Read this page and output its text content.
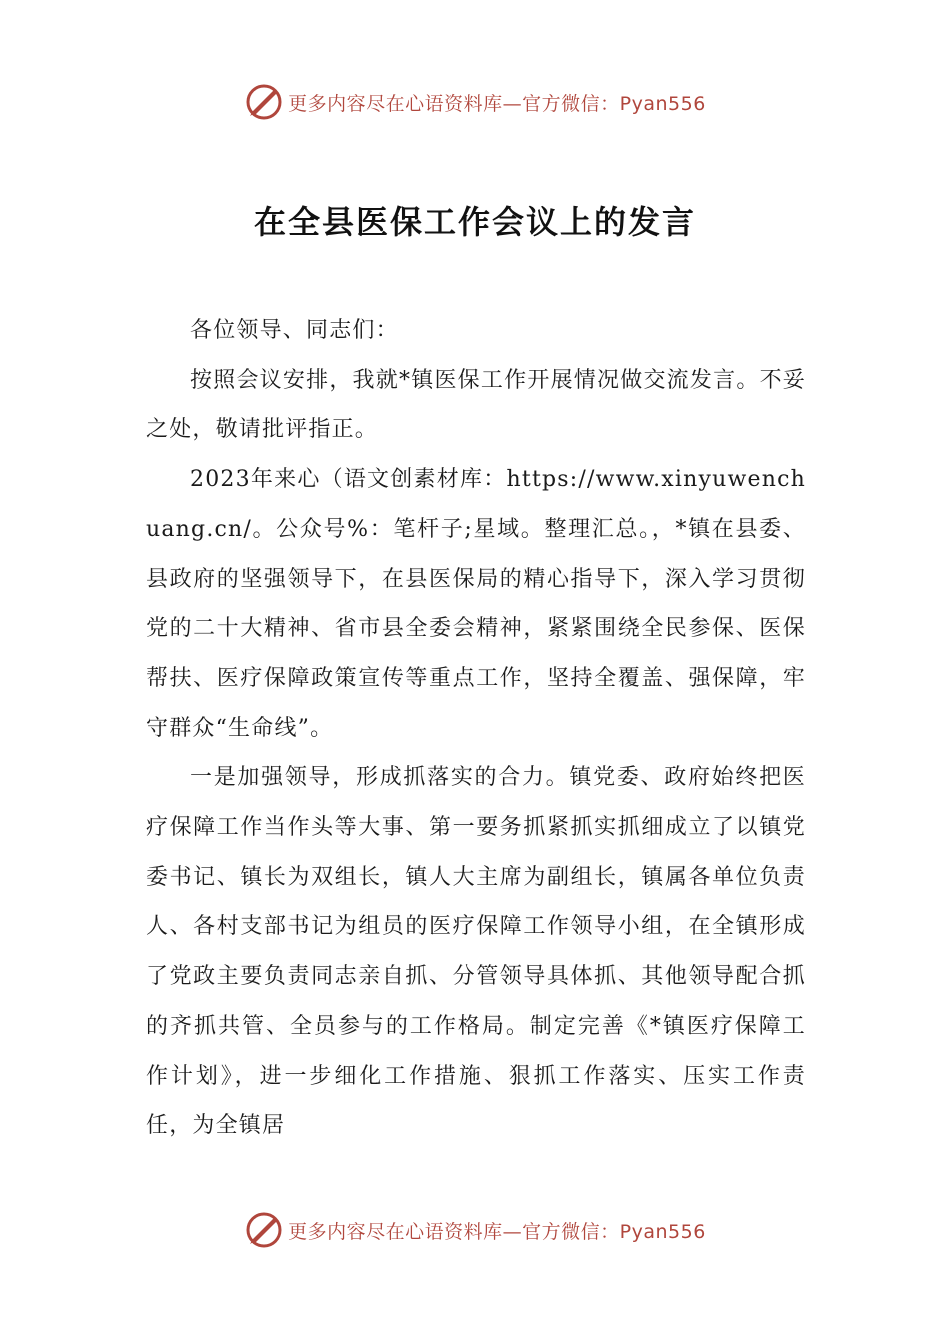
更多内容尽在心语资料库—官方微信：Pyan556
在全县医保工作会议上的发言

各位领导、同志们：

按照会议安排，我就*镇医保工作开展情况做交流发言。不妥之处，敬请批评指正。

2023年来心（语文创素材库：https://www.xinyuwenchuang.cn/。公众号%：笔杆子;星域。整理汇总。，*镇在县委、县政府的坚强领导下，在县医保局的精心指导下，深入学习贯彻党的二十大精神、省市县全委会精神，紧紧围绕全民参保、医保帮扶、医疗保障政策宣传等重点工作，坚持全覆盖、强保障，牢守群众“生命线”。

一是加强领导，形成抓落实的合力。镇党委、政府始终把医疗保障工作当作头等大事、第一要务抓紧抓实抓细成立了以镇党委书记、镇长为双组长，镇人大主席为副组长，镇属各单位负责人、各村支部书记为组员的医疗保障工作领导小组，在全镇形成了党政主要负责同志亲自抓、分管领导具体抓、其他领导配合抓的齐抓共管、全员参与的工作格局。制定完善《*镇医疗保障工作计划》，进一步细化工作措施、狠抓工作落实、压实工作责任，为全镇居

更多内容尽在心语资料库—官方微信：Pyan556
